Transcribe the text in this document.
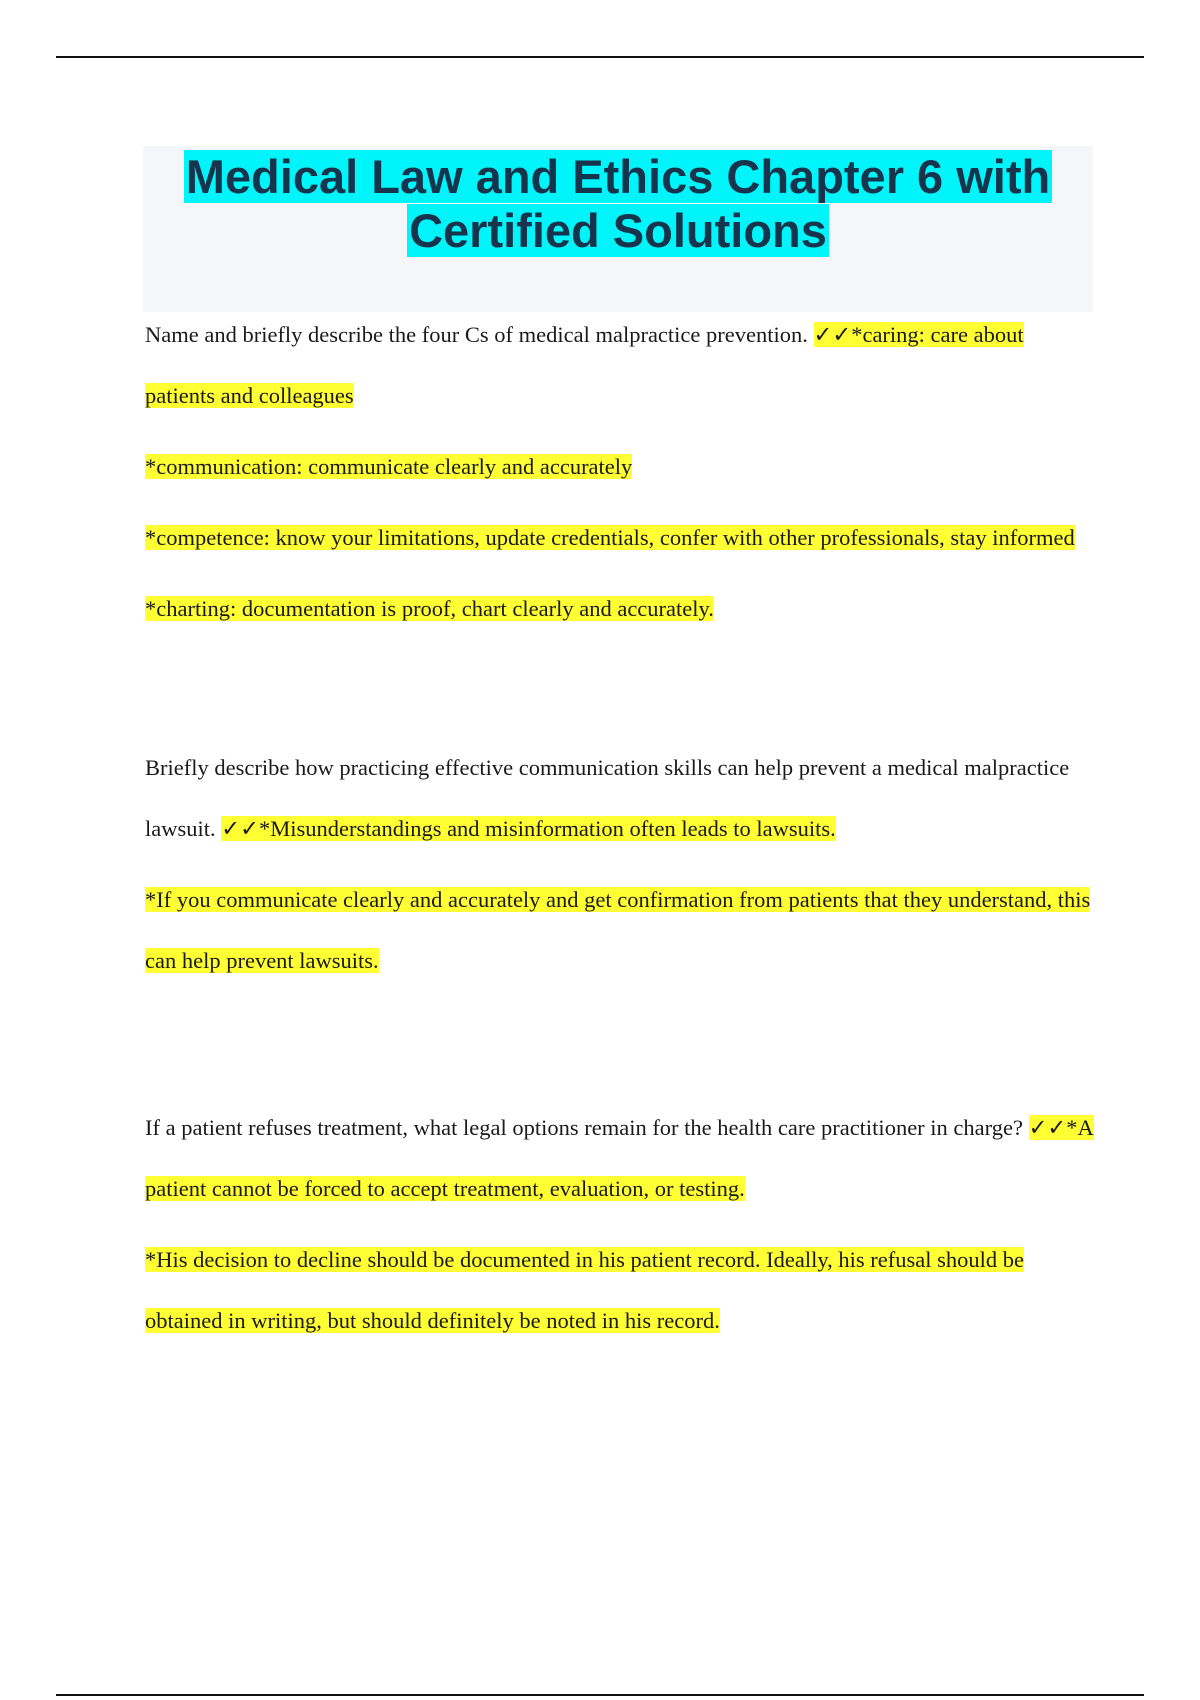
Medical Law and Ethics Chapter 6 with
Certified Solutions

Name and briefly describe the four Cs of medical malpractice prevention. ✓✓*caring: care about patients and colleagues

*communication: communicate clearly and accurately

*competence: know your limitations, update credentials, confer with other professionals, stay informed

*charting: documentation is proof, chart clearly and accurately.

Briefly describe how practicing effective communication skills can help prevent a medical malpractice lawsuit. ✓✓*Misunderstandings and misinformation often leads to lawsuits.

*If you communicate clearly and accurately and get confirmation from patients that they understand, this can help prevent lawsuits.

If a patient refuses treatment, what legal options remain for the health care practitioner in charge? ✓✓*A patient cannot be forced to accept treatment, evaluation, or testing.

*His decision to decline should be documented in his patient record. Ideally, his refusal should be obtained in writing, but should definitely be noted in his record.
